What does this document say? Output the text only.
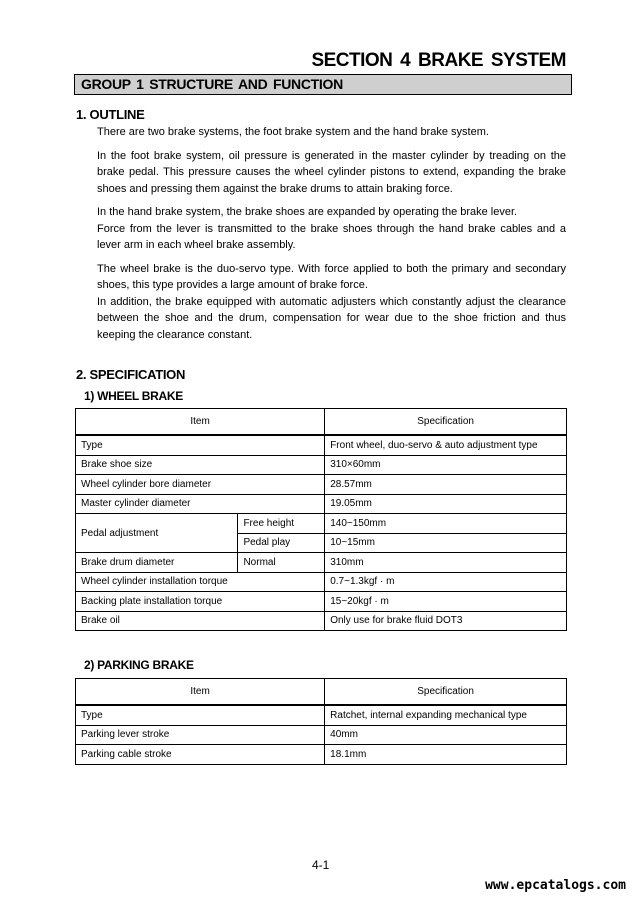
SECTION 4 BRAKE SYSTEM
GROUP 1 STRUCTURE AND FUNCTION
1. OUTLINE

There are two brake systems, the foot brake system and the hand brake system.

In the foot brake system, oil pressure is generated in the master cylinder by treading on the brake pedal. This pressure causes the wheel cylinder pistons to extend, expanding the brake shoes and pressing them against the brake drums to attain braking force.

In the hand brake system, the brake shoes are expanded by operating the brake lever.

Force from the lever is transmitted to the brake shoes through the hand brake cables and a lever arm in each wheel brake assembly.

The wheel brake is the duo-servo type. With force applied to both the primary and secondary shoes, this type provides a large amount of brake force.

In addition, the brake equipped with automatic adjusters which constantly adjust the clearance between the shoe and the drum, compensation for wear due to the shoe friction and thus keeping the clearance constant.

2. SPECIFICATION
1) WHEEL BRAKE
Item		Specification
Type		Front wheel, duo-servo & auto adjustment type
Brake shoe size		310×60mm
Wheel cylinder bore diameter		28.57mm
Master cylinder diameter		19.05mm
Pedal adjustment	Free height	140~150mm
	Pedal play	10~15mm
Brake drum diameter	Normal	310mm
Wheel cylinder installation torque		0.7~1.3kgf · m
Backing plate installation torque		15~20kgf · m
Brake oil		Only use for brake fluid DOT3
2) PARKING BRAKE
Item	Specification
Type	Ratchet, internal expanding mechanical type
Parking lever stroke	40mm
Parking cable stroke	18.1mm
4-1
www.epcatalogs.com
